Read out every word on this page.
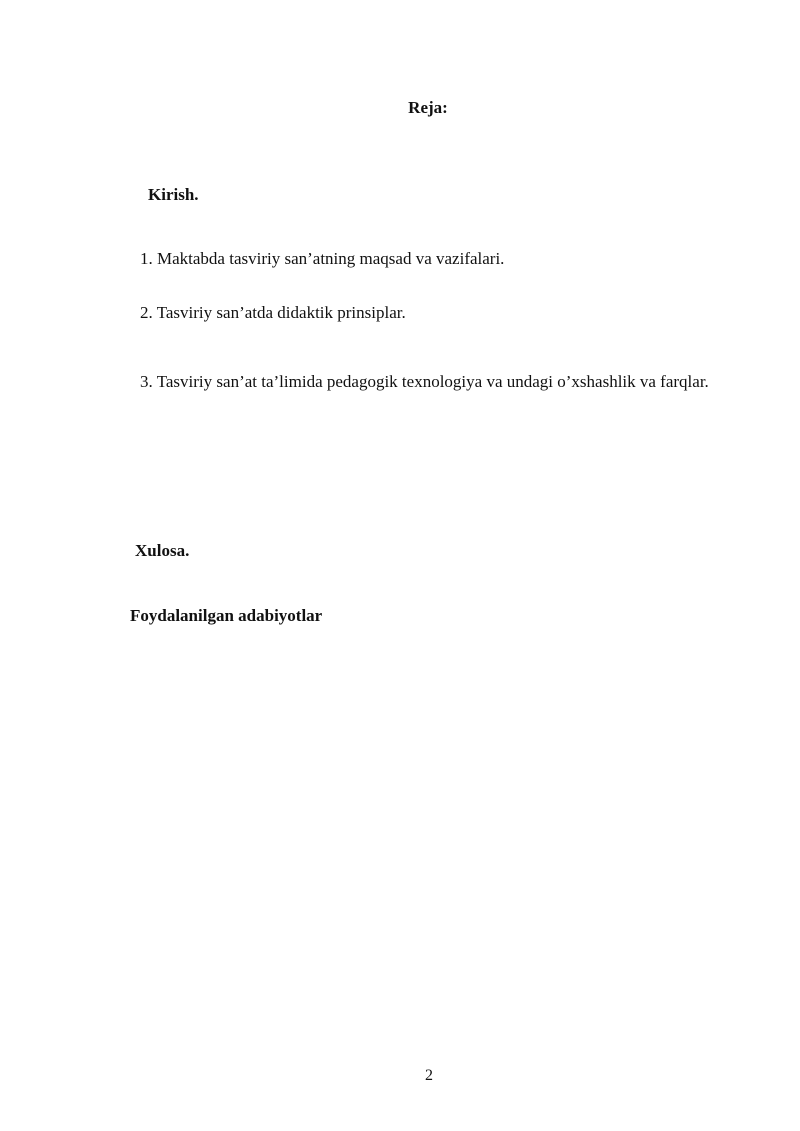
Reja:
Kirish.
1. Maktabda tasviriy san’atning maqsad va vazifalari.
2. Tasviriy san’atda didaktik prinsiplar.
3. Tasviriy san’at ta’limida pedagogik texnologiya va undagi o’xshashlik va farqlar.
Xulosa.
Foydalanilgan adabiyotlar
2
